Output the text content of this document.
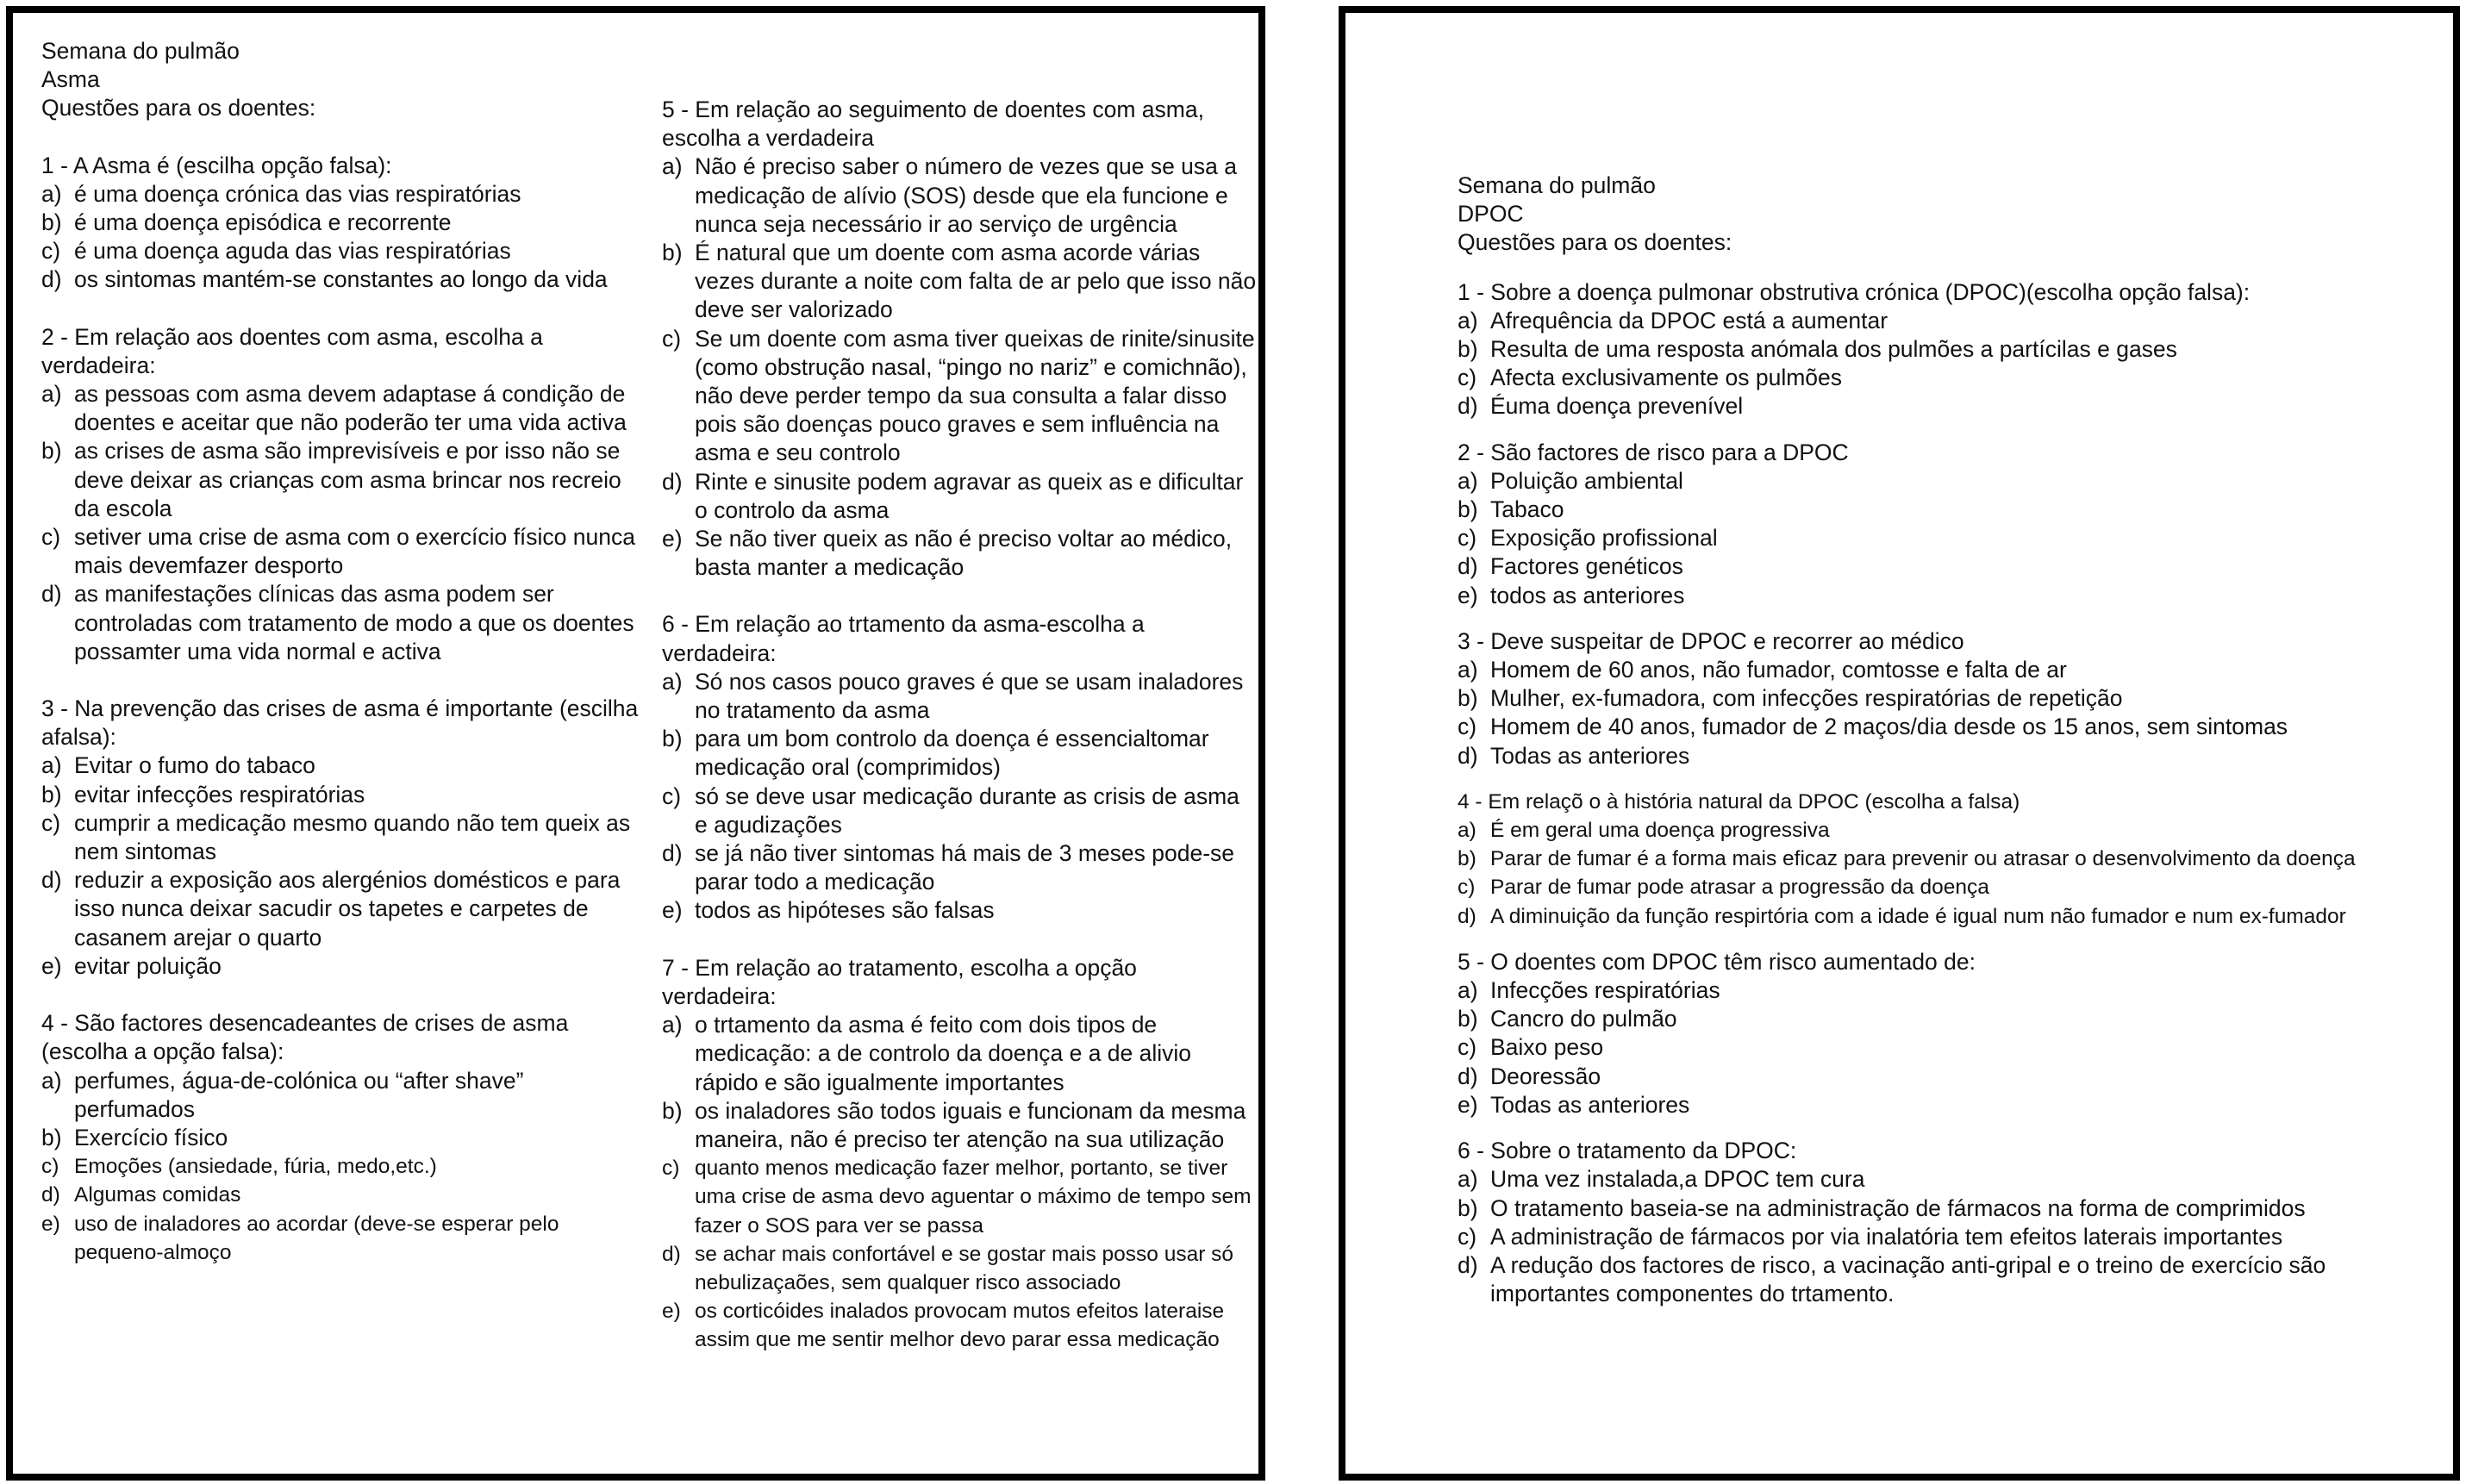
Semana do pulmão
Asma
Questões para os doentes:
1 - A Asma é (escilha opção falsa):
a) é uma doença crónica das vias respiratórias
b) é uma doença episódica e recorrente
c) é uma doença aguda das vias respiratórias
d) os sintomas mantém-se constantes ao longo da vida
2 - Em relação aos doentes com asma, escolha a verdadeira:
a) as pessoas com asma devem adaptase á condição de doentes e aceitar que não poderão ter uma vida activa
b) as crises de asma são imprevisíveis e por isso não se deve deixar as crianças com asma brincar nos recreio da escola
c) setiver uma crise de asma com o exercício físico nunca mais devemfazer desporto
d) as manifestações clínicas das asma podem ser controladas com tratamento de modo a que os doentes possamter uma vida normal e activa
3 - Na prevenção das crises de asma é importante (escilha afalsa):
a) Evitar o fumo do tabaco
b) evitar infecções respiratórias
c) cumprir a medicação mesmo quando não tem queix as nem sintomas
d) reduzir a exposição aos alergénios domésticos e para isso nunca deixar sacudir os tapetes e carpetes de casanem arejar o quarto
e) evitar poluição
4 - São factores desencadeantes de crises de asma (escolha a opção falsa):
a) perfumes, água-de-colónica ou “after shave” perfumados
b) Exercício físico
c) Emoções (ansiedade, fúria, medo,etc.)
d) Algumas comidas
e) uso de inaladores ao acordar (deve-se esperar pelo pequeno-almoço
5 - Em relação ao seguimento de doentes com asma, escolha a verdadeira
a) Não é preciso saber o número de vezes que se usa a medicação de alívio (SOS) desde que ela funcione e nunca seja necessário ir ao serviço de urgência
b) É natural que um doente com asma acorde várias vezes durante a noite com falta de ar pelo que isso não deve ser valorizado
c) Se um doente com asma tiver queixas de rinite/sinusite (como obstrução nasal, “pingo no nariz” e comichnão), não deve perder tempo da sua consulta a falar disso pois são doenças pouco graves e sem influência na asma e seu controlo
d) Rinte e sinusite podem agravar as queix as e dificultar o controlo da asma
e) Se não tiver queix as não é preciso voltar ao médico, basta manter a medicação
6 - Em relação ao trtamento da asma-escolha a verdadeira:
a) Só nos casos pouco graves é que se usam inaladores no tratamento da asma
b) para um bom controlo da doença é essencialtomar medicação oral (comprimidos)
c) só se deve usar medicação durante as crisis de asma e agudizações
d) se já não tiver sintomas há mais de 3 meses pode-se parar todo a medicação
e) todos as hipóteses são falsas
7 - Em relação ao tratamento, escolha a opção verdadeira:
a) o trtamento da asma é feito com dois tipos de medicação: a de controlo da doença e a de alivio rápido e são igualmente importantes
b) os inaladores são todos iguais e funcionam da mesma maneira, não é preciso ter atenção na sua utilização
c) quanto menos medicação fazer melhor, portanto, se tiver uma crise de asma devo aguentar o máximo de tempo sem fazer o SOS para ver se passa
d) se achar mais confortável e se gostar mais posso usar só nebulizaçaões, sem qualquer risco associado
e) os corticóides inalados provocam mutos efeitos lateraise assim que me sentir melhor devo parar essa medicação
Semana do pulmão
DPOC
Questões para os doentes:
1 - Sobre a doença pulmonar obstrutiva crónica (DPOC)(escolha opção falsa):
a) Afrequência da DPOC está a aumentar
b) Resulta de uma resposta anómala dos pulmões a partícilas e gases
c) Afecta exclusivamente os pulmões
d) Éuma doença prevenível
2 - São factores de risco para a DPOC
a) Poluição ambiental
b) Tabaco
c) Exposição profissional
d) Factores genéticos
e) todos as anteriores
3 - Deve suspeitar de DPOC e recorrer ao médico
a) Homem de 60 anos, não fumador, comtosse e falta de ar
b) Mulher, ex-fumadora, com infecções respiratórias de repetição
c) Homem de 40 anos, fumador de 2 maços/dia desde os 15 anos, sem sintomas
d) Todas as anteriores
4 - Em relaçõ o à história natural da DPOC (escolha a falsa)
a) É em geral uma doença progressiva
b) Parar de fumar é a forma mais eficaz para prevenir ou atrasar o desenvolvimento da doença
c) Parar de fumar pode atrasar a progressão da doença
d) A diminuição da função respirtória com a idade é igual num não fumador e num ex-fumador
5 - O doentes com DPOC têm risco aumentado de:
a) Infecções respiratórias
b) Cancro do pulmão
c) Baixo peso
d) Deoressão
e) Todas as anteriores
6 - Sobre o tratamento da DPOC:
a) Uma vez instalada,a DPOC tem cura
b) O tratamento baseia-se na administração de fármacos na forma de comprimidos
c) A administração de fármacos por via inalatória tem efeitos laterais importantes
d) A redução dos factores de risco, a vacinação anti-gripal e o treino de exercício são importantes componentes do trtamento.
